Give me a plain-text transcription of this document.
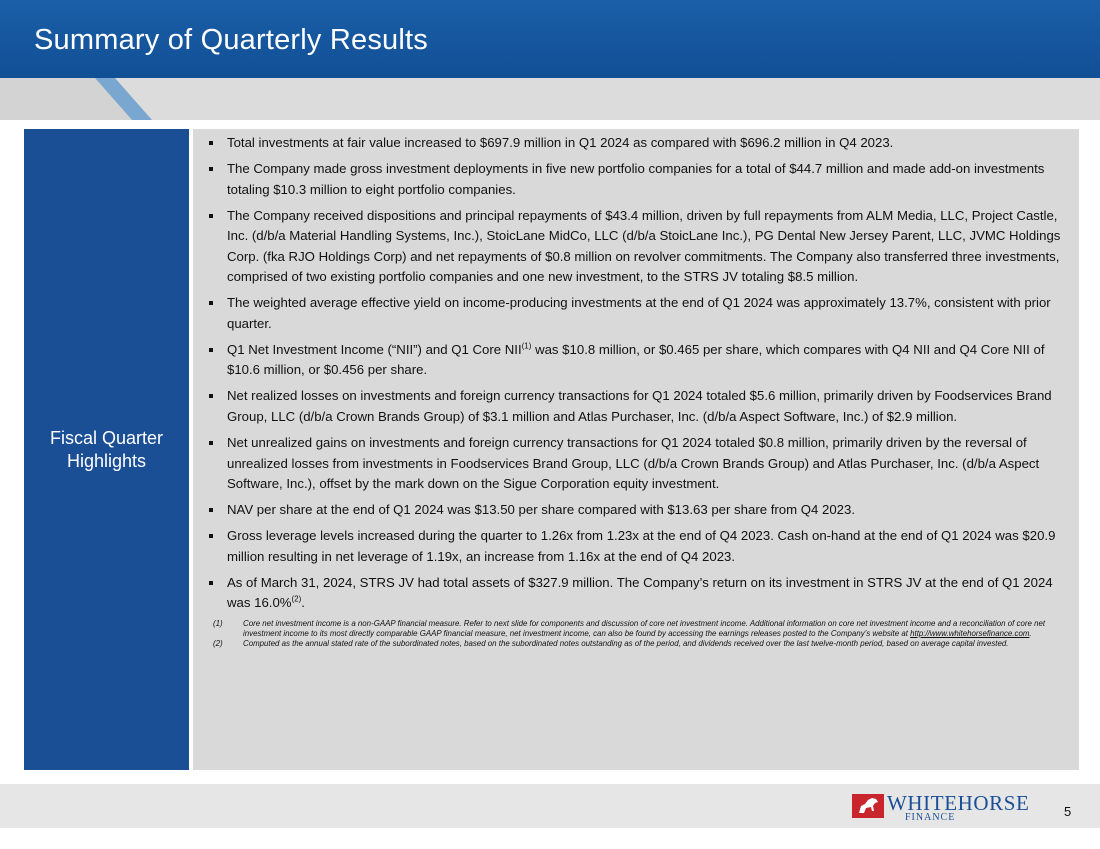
Summary of Quarterly Results
Fiscal Quarter
Highlights
Total investments at fair value increased to $697.9 million in Q1 2024 as compared with $696.2 million in Q4 2023.
The Company made gross investment deployments in five new portfolio companies for a total of $44.7 million and made add-on investments totaling $10.3 million to eight portfolio companies.
The Company received dispositions and principal repayments of $43.4 million, driven by full repayments from ALM Media, LLC, Project Castle, Inc. (d/b/a Material Handling Systems, Inc.), StoicLane MidCo, LLC (d/b/a StoicLane Inc.), PG Dental New Jersey Parent, LLC, JVMC Holdings Corp. (fka RJO Holdings Corp) and net repayments of $0.8 million on revolver commitments. The Company also transferred three investments, comprised of two existing portfolio companies and one new investment, to the STRS JV totaling $8.5 million.
The weighted average effective yield on income-producing investments at the end of Q1 2024 was approximately 13.7%, consistent with prior quarter.
Q1 Net Investment Income (“NII”) and Q1 Core NII$^{(1)}$ was $10.8 million, or $0.465 per share, which compares with Q4 NII and Q4 Core NII of $10.6 million, or $0.456 per share.
Net realized losses on investments and foreign currency transactions for Q1 2024 totaled $5.6 million, primarily driven by Foodservices Brand Group, LLC (d/b/a Crown Brands Group) of $3.1 million and Atlas Purchaser, Inc. (d/b/a Aspect Software, Inc.) of $2.9 million.
Net unrealized gains on investments and foreign currency transactions for Q1 2024 totaled $0.8 million, primarily driven by the reversal of unrealized losses from investments in Foodservices Brand Group, LLC (d/b/a Crown Brands Group) and Atlas Purchaser, Inc. (d/b/a Aspect Software, Inc.), offset by the mark down on the Sigue Corporation equity investment.
NAV per share at the end of Q1 2024 was $13.50 per share compared with $13.63 per share from Q4 2023.
Gross leverage levels increased during the quarter to 1.26x from 1.23x at the end of Q4 2023. Cash on-hand at the end of Q1 2024 was $20.9 million resulting in net leverage of 1.19x, an increase from 1.16x at the end of Q4 2023.
As of March 31, 2024, STRS JV had total assets of $327.9 million. The Company’s return on its investment in STRS JV at the end of Q1 2024 was 16.0%$^{(2)}$.
(1)	Core net investment income is a non-GAAP financial measure. Refer to next slide for components and discussion of core net investment income. Additional information on core net investment income and a reconciliation of core net investment income to its most directly comparable GAAP financial measure, net investment income, can also be found by accessing the earnings releases posted to the Company’s website at http://www.whitehorsefinance.com.
(2)	Computed as the annual stated rate of the subordinated notes, based on the subordinated notes outstanding as of the period, and dividends received over the last twelve-month period, based on average capital invested.
WHITEHORSE
FINANCE	5
